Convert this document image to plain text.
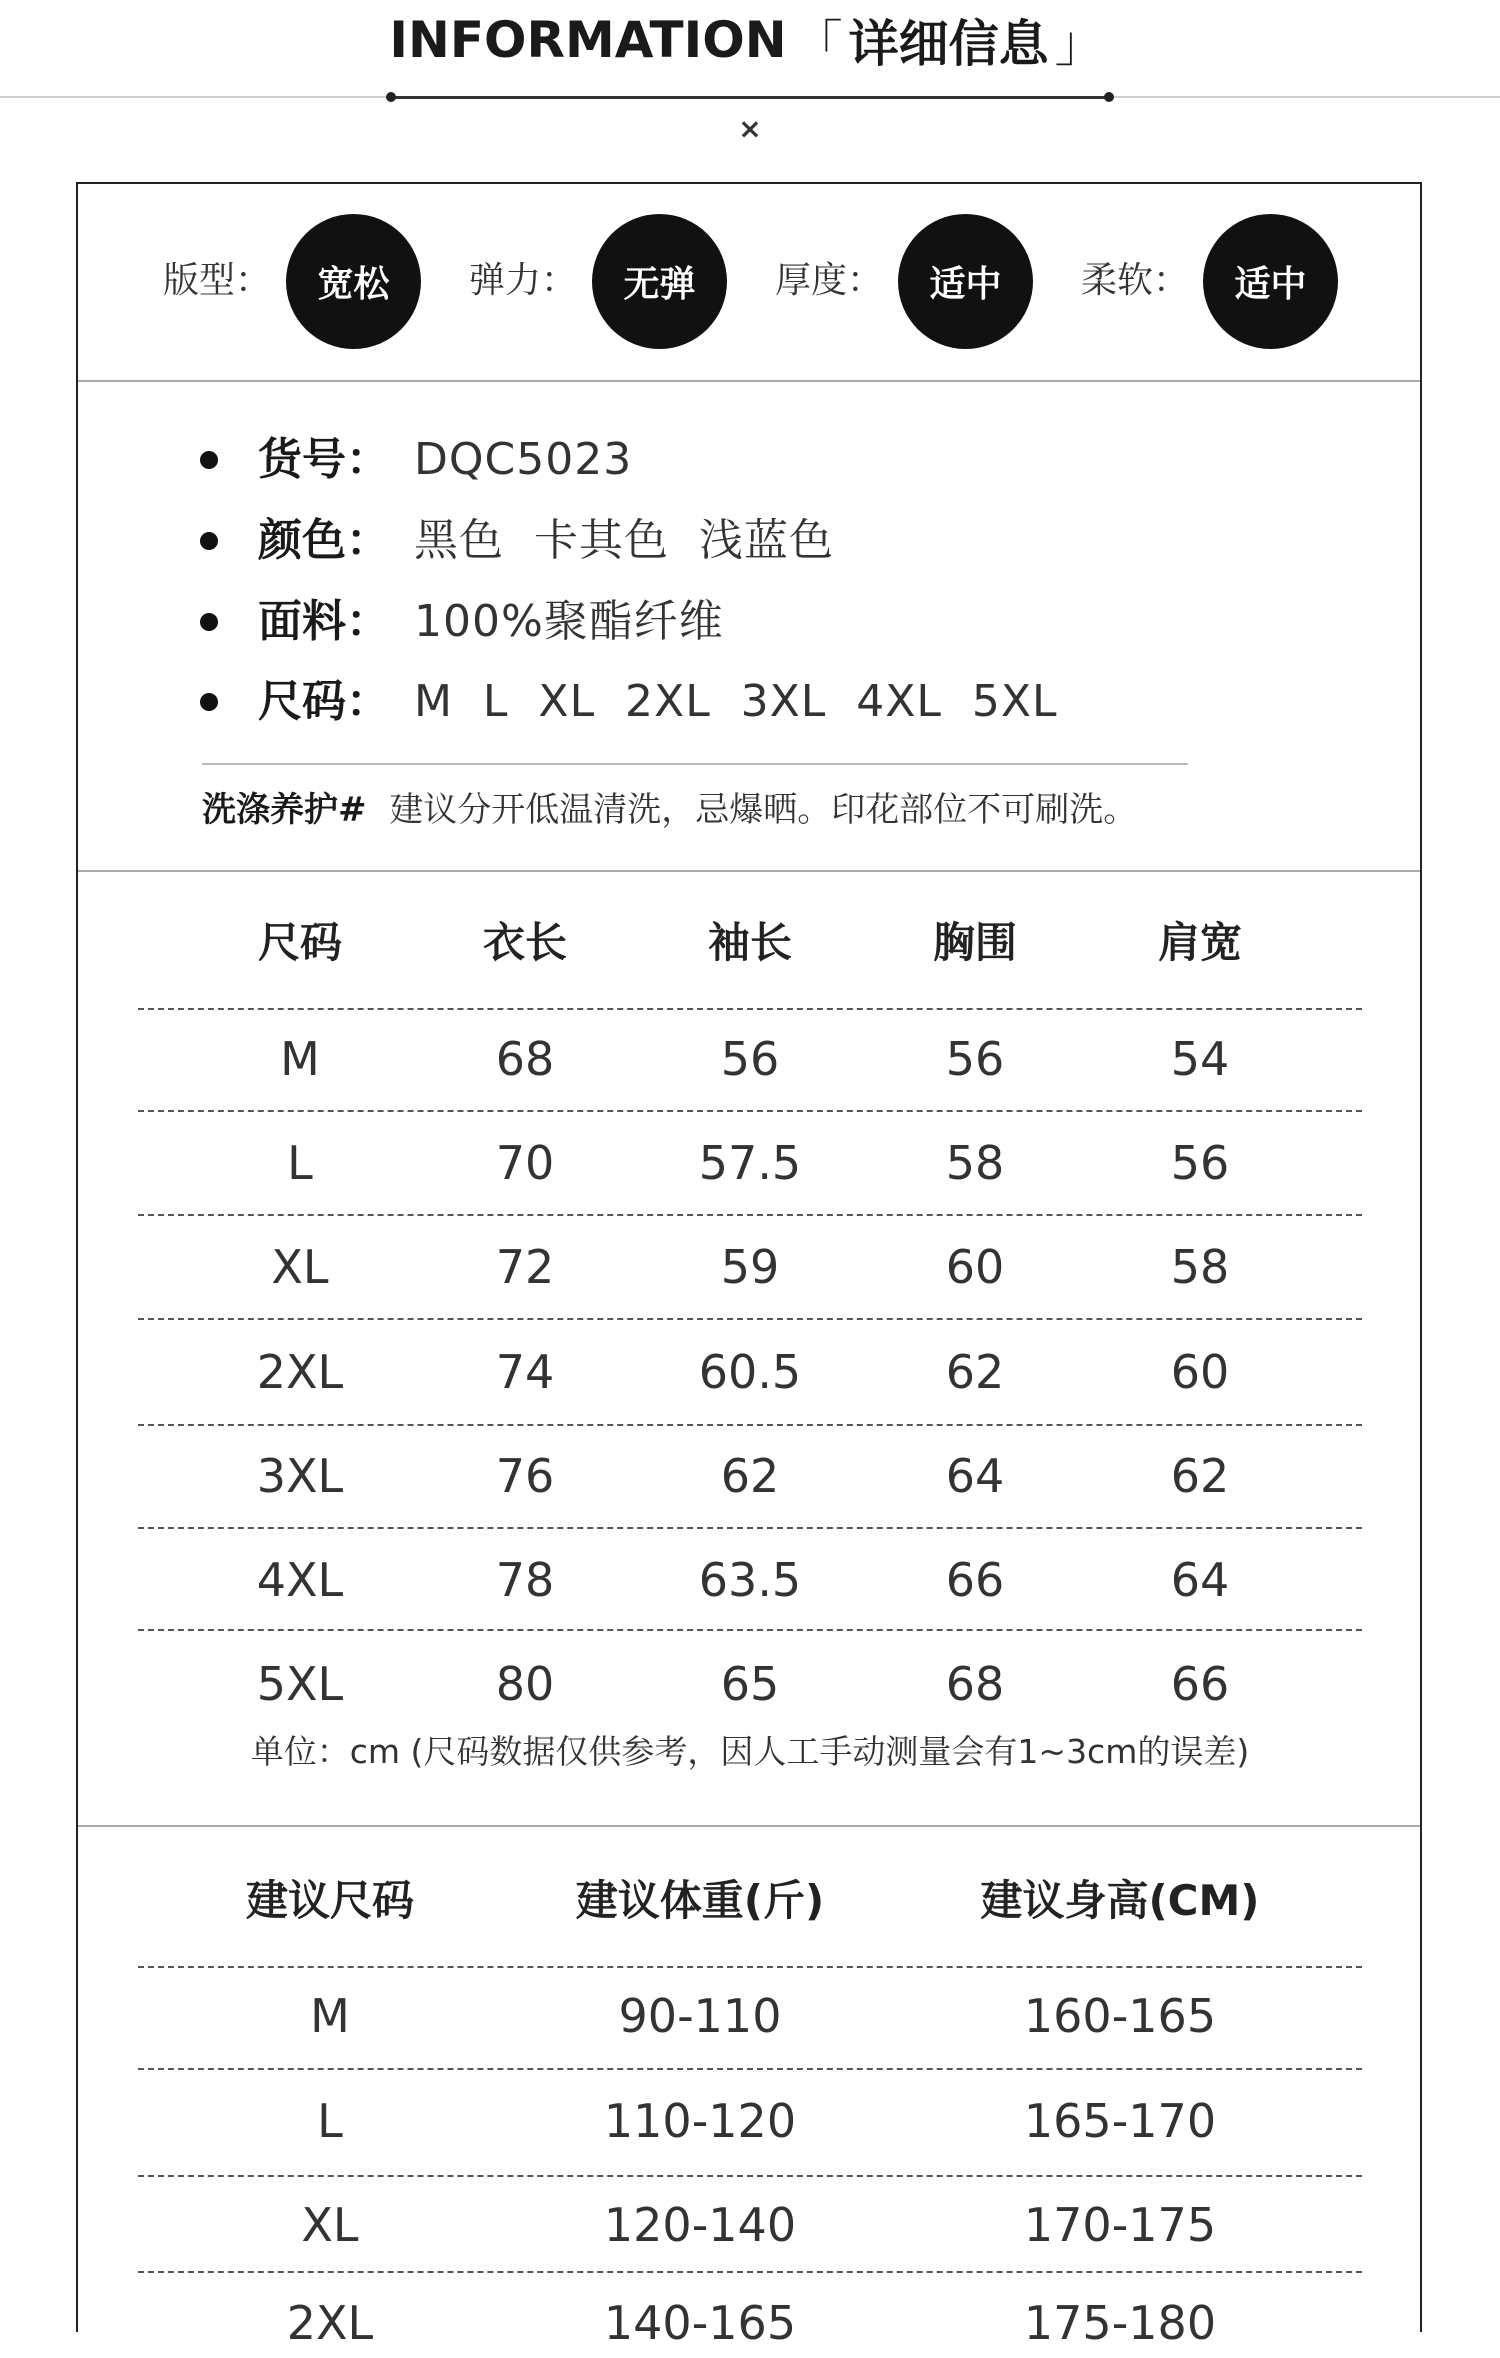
INFORMATION 「 详细信息 」
×
版型：	宽松	弹力：	无弹	厚度：	适中	柔软：	适中
货号： DQC5023
颜色： 黑色  卡其色  浅蓝色
面料： 100%聚酯纤维
尺码： M  L  XL  2XL  3XL  4XL  5XL
洗涤养护# 建议分开低温清洗，忌爆晒。印花部位不可刷洗。
尺码	衣长	袖长	胸围	肩宽
M	68	56	56	54
L	70	57.5	58	56
XL	72	59	60	58
2XL	74	60.5	62	60
3XL	76	62	64	62
4XL	78	63.5	66	64
5XL	80	65	68	66
单位：cm (尺码数据仅供参考，因人工手动测量会有1~3cm的误差)
建议尺码	建议体重(斤)	建议身高(CM)
M	90-110	160-165
L	110-120	165-170
XL	120-140	170-175
2XL	140-165	175-180
